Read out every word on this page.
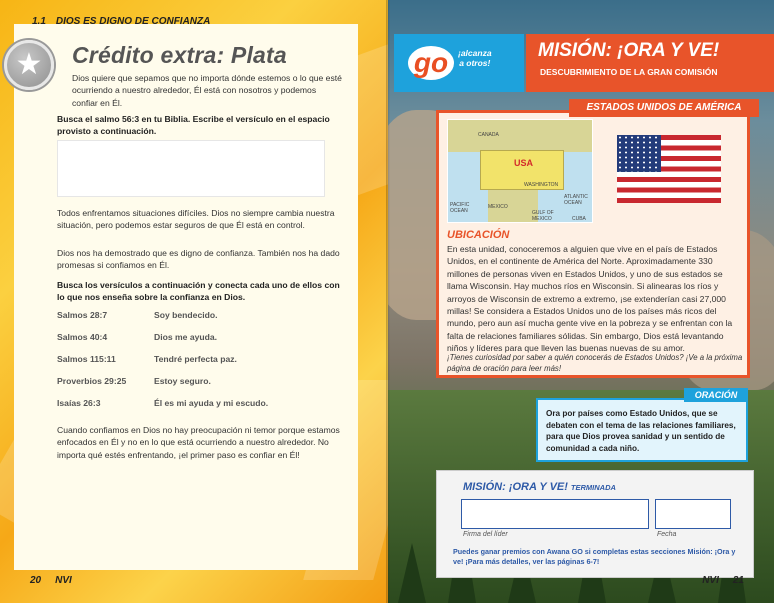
1.1 DIOS ES DIGNO DE CONFIANZA
★ Crédito extra: Plata
Dios quiere que sepamos que no importa dónde estemos o lo que esté ocurriendo a nuestro alrededor, Él está con nosotros y podemos confiar en Él.
Busca el salmo 56:3 en tu Biblia. Escribe el versículo en el espacio provisto a continuación.
Todos enfrentamos situaciones difíciles. Dios no siempre cambia nuestra situación, pero podemos estar seguros de que Él está en control.
Dios nos ha demostrado que es digno de confianza. También nos ha dado promesas si confiamos en Él.
Busca los versículos a continuación y conecta cada uno de ellos con lo que nos enseña sobre la confianza en Dios.
Salmos 28:7	Soy bendecido.
Salmos 40:4	Dios me ayuda.
Salmos 115:11	Tendré perfecta paz.
Proverbios 29:25	Estoy seguro.
Isaías 26:3	Él es mi ayuda y mi escudo.
Cuando confiamos en Dios no hay preocupación ni temor porque estamos enfocados en Él y no en lo que está ocurriendo a nuestro alrededor. No importa qué estés enfrentando, ¡el primer paso es confiar en Él!
20 NVI
go	¡alcanza
a otros!
MISIÓN: ¡ORA Y VE!
DESCUBRIMIENTO DE LA GRAN COMISIÓN
ESTADOS UNIDOS DE AMÉRICA
USA
CANADA
WASHINGTON
MEXICO
PACIFIC OCEAN
ATLANTIC OCEAN
GULF OF MEXICO	CUBA
UBICACIÓN
En esta unidad, conoceremos a alguien que vive en el país de Estados Unidos, en el continente de América del Norte. Aproximadamente 330 millones de personas viven en Estados Unidos, y uno de sus estados se llama Wisconsin. Hay muchos ríos en Wisconsin. Si alinearas los ríos y arroyos de Wisconsin de extremo a extremo, ¡se extenderían casi 27,000 millas! Se considera a Estados Unidos uno de los países más ricos del mundo, pero aun así mucha gente vive en la pobreza y se enfrentan con la falta de relaciones familiares sólidas. Sin embargo, Dios está levantando niños y líderes para que lleven las buenas nuevas de su amor.
¡Tienes curiosidad por saber a quién conocerás de Estados Unidos? ¡Ve a la próxima página de oración para leer más!
ORACIÓN
Ora por países como Estado Unidos, que se debaten con el tema de las relaciones familiares, para que Dios provea sanidad y un sentido de comunidad a cada niño.
MISIÓN: ¡ORA Y VE! TERMINADA
Firma del líder	Fecha
Puedes ganar premios con Awana GO si completas estas secciones Misión: ¡Ora y ve! ¡Para más detalles, ver las páginas 6-7!
NVI 21
